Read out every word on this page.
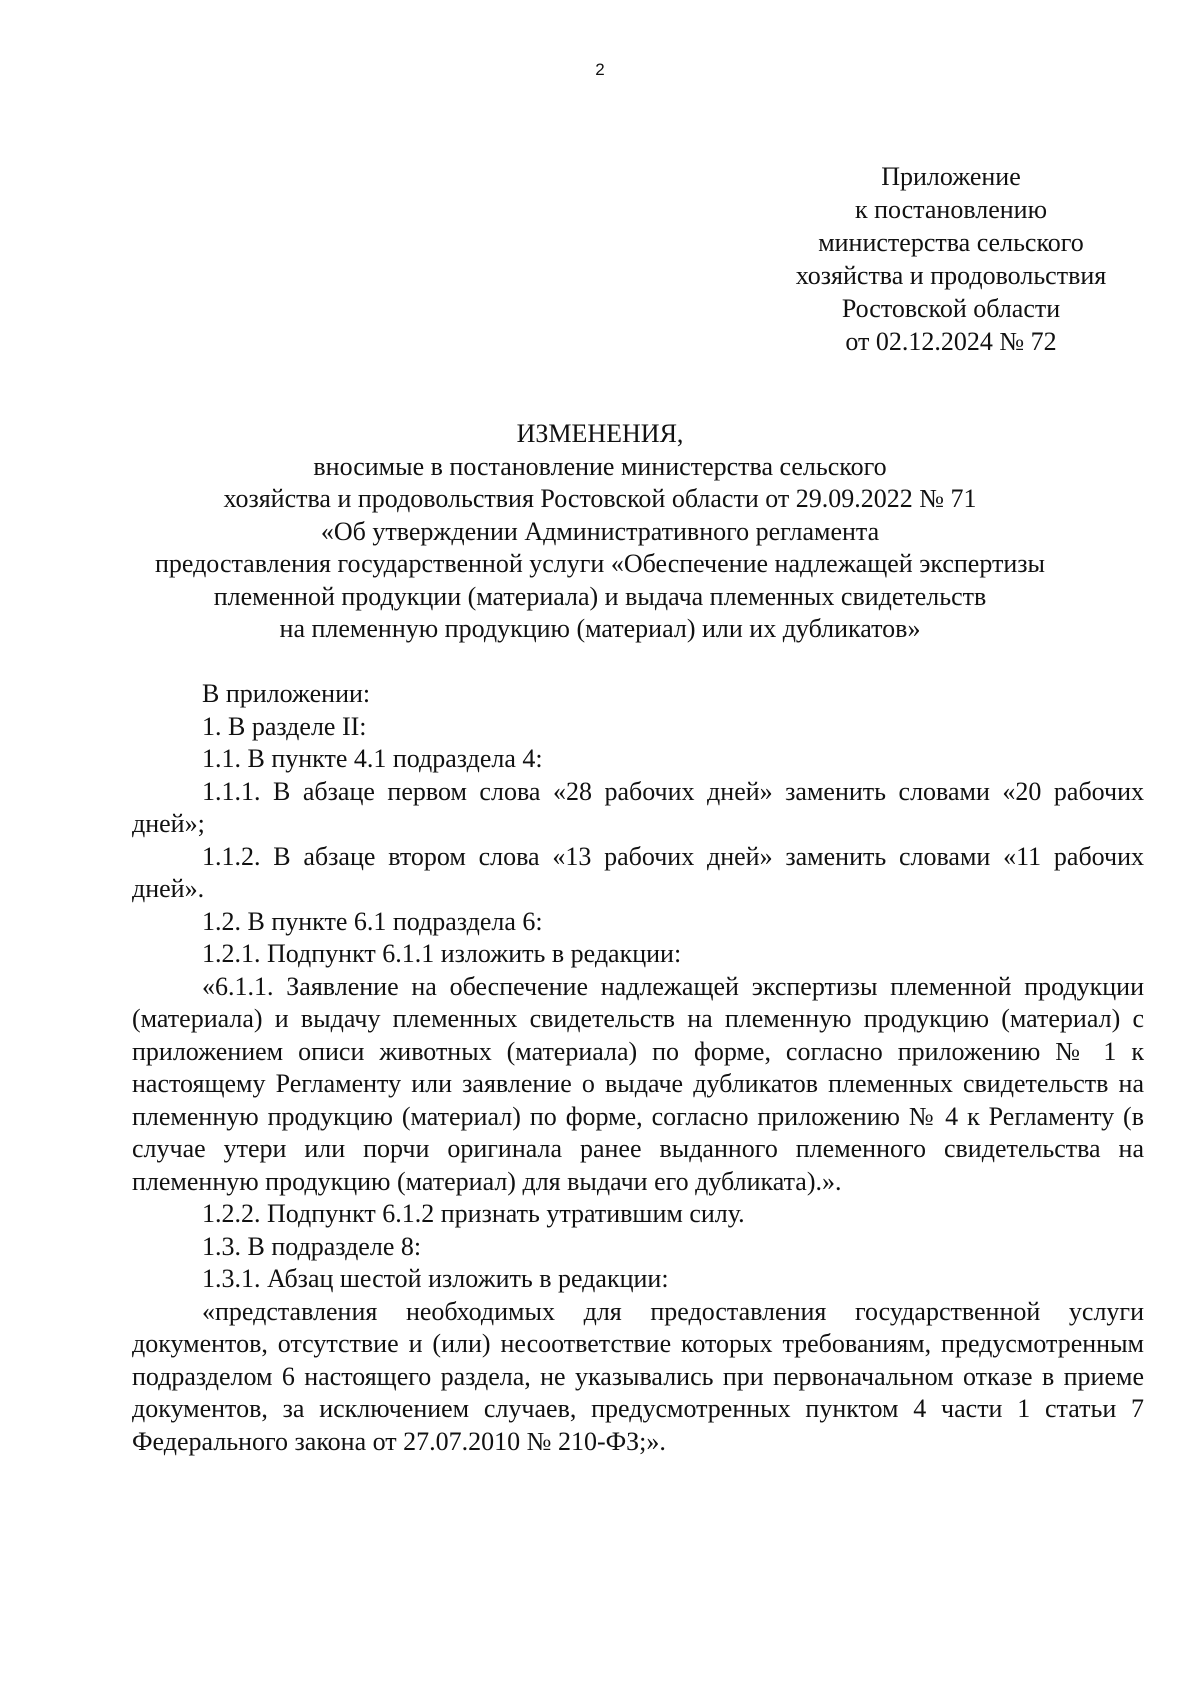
2
Приложение
к постановлению
министерства сельского
хозяйства и продовольствия
Ростовской области
от 02.12.2024 № 72
ИЗМЕНЕНИЯ,
вносимые в постановление министерства сельского
хозяйства и продовольствия Ростовской области от 29.09.2022 № 71
«Об утверждении Административного регламента
предоставления государственной услуги «Обеспечение надлежащей экспертизы
племенной продукции (материала) и выдача племенных свидетельств
на племенную продукцию (материал) или их дубликатов»

В приложении:

1. В разделе II:

1.1. В пункте 4.1 подраздела 4:

1.1.1. В абзаце первом слова «28 рабочих дней» заменить словами «20 рабочих дней»;

1.1.2. В абзаце втором слова «13 рабочих дней» заменить словами «11 рабочих дней».

1.2. В пункте 6.1 подраздела 6:

1.2.1. Подпункт 6.1.1 изложить в редакции:

«6.1.1. Заявление на обеспечение надлежащей экспертизы племенной продукции (материала) и выдачу племенных свидетельств на племенную продукцию (материал) с приложением описи животных (материала) по форме, согласно приложению № 1 к настоящему Регламенту или заявление о выдаче дубликатов племенных свидетельств на племенную продукцию (материал) по форме, согласно приложению № 4 к Регламенту (в случае утери или порчи оригинала ранее выданного племенного свидетельства на племенную продукцию (материал) для выдачи его дубликата).».

1.2.2. Подпункт 6.1.2 признать утратившим силу.

1.3. В подразделе 8:

1.3.1. Абзац шестой изложить в редакции:

«представления необходимых для предоставления государственной услуги документов, отсутствие и (или) несоответствие которых требованиям, предусмотренным подразделом 6 настоящего раздела, не указывались при первоначальном отказе в приеме документов, за исключением случаев, предусмотренных пунктом 4 части 1 статьи 7 Федерального закона от 27.07.2010 № 210-ФЗ;».
